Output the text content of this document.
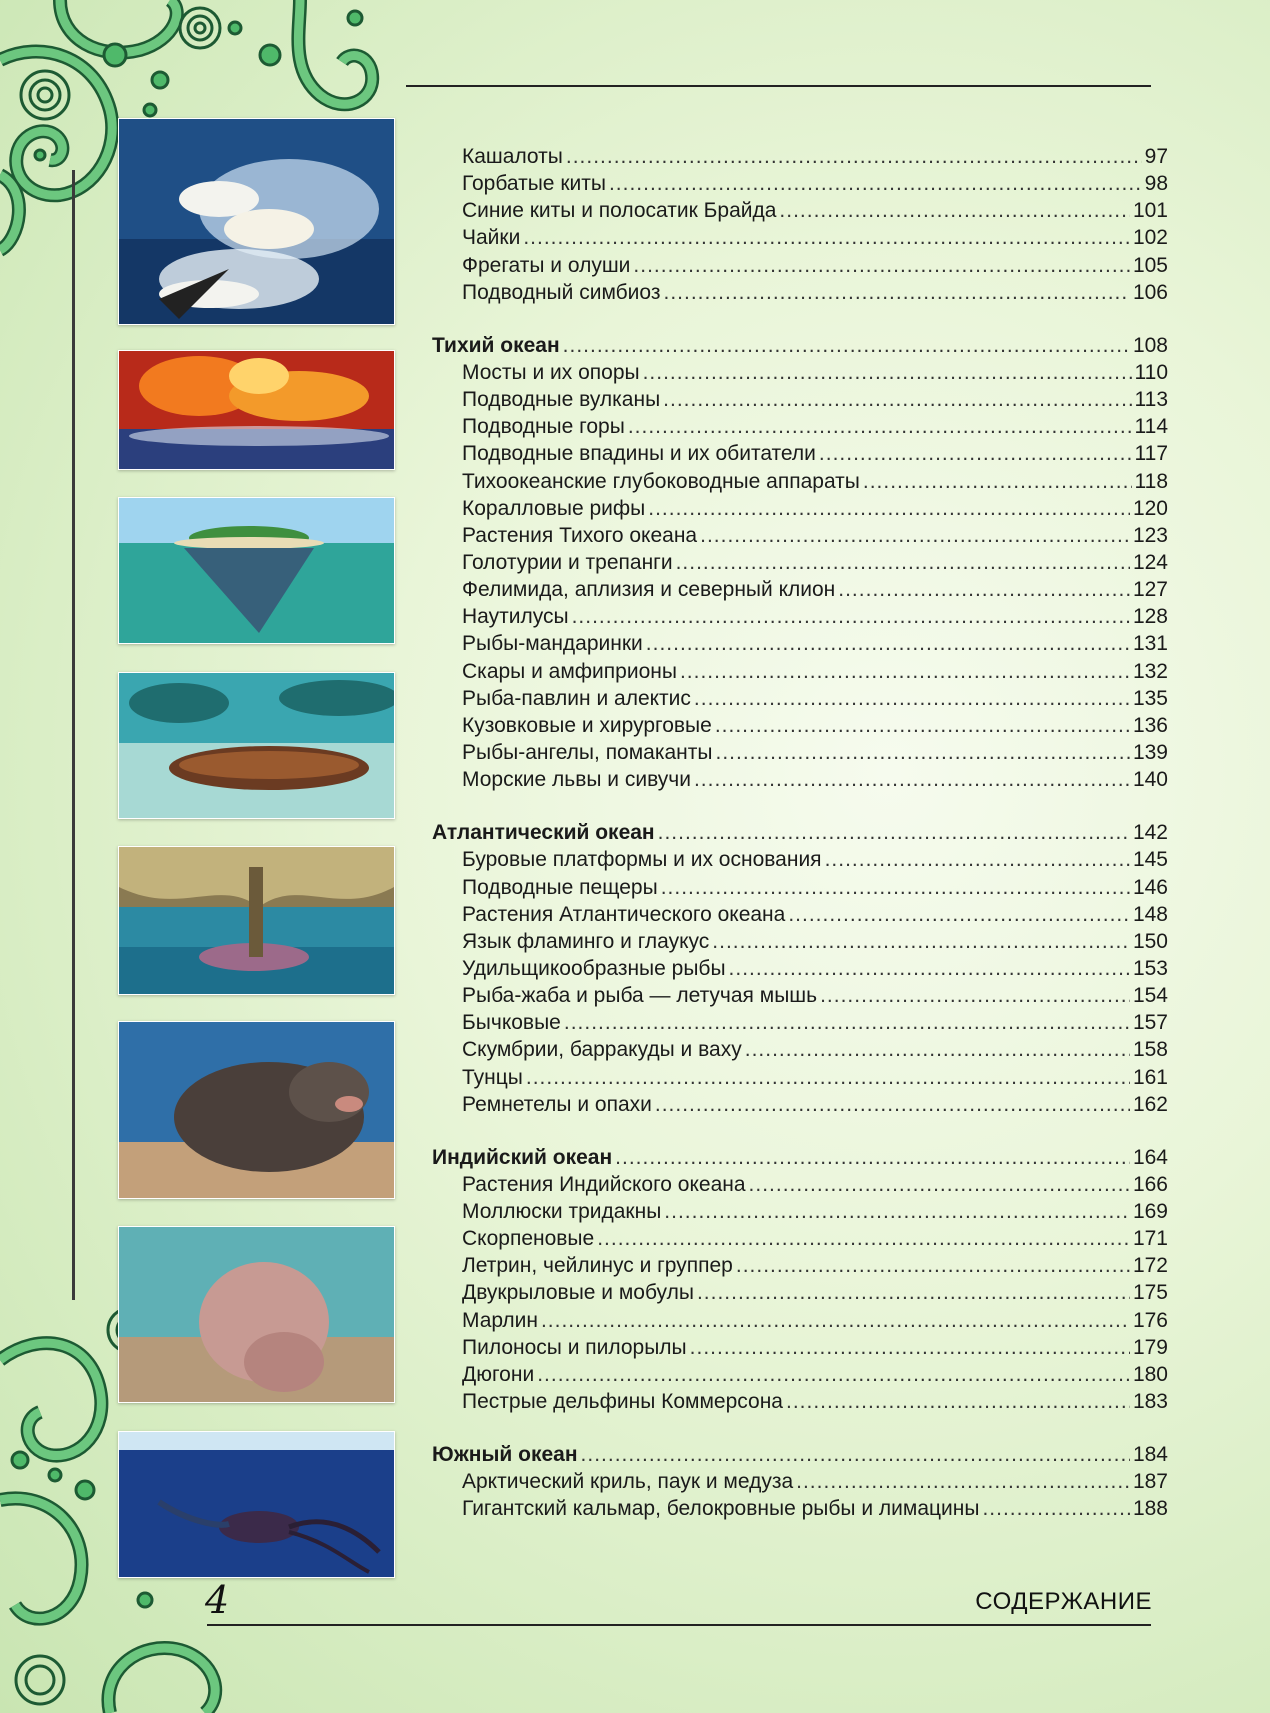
Кашалоты .....	97
Горбатые киты .....	98
Синие киты и полосатик Брайда .....	101
Чайки .....	102
Фрегаты и олуши .....	105
Подводный симбиоз .....	106
Тихий океан .....	108
Мосты и их опоры .....	110
Подводные вулканы .....	113
Подводные горы .....	114
Подводные впадины и их обитатели .....	117
Тихоокеанские глубоководные аппараты .....	118
Коралловые рифы .....	120
Растения Тихого океана .....	123
Голотурии и трепанги .....	124
Фелимида, аплизия и северный клион .....	127
Наутилусы .....	128
Рыбы-мандаринки .....	131
Скары и амфиприоны .....	132
Рыба-павлин и алектис .....	135
Кузовковые и хирурговые .....	136
Рыбы-ангелы, помаканты .....	139
Морские львы и сивучи .....	140
Атлантический океан .....	142
Буровые платформы и их основания .....	145
Подводные пещеры .....	146
Растения Атлантического океана .....	148
Язык фламинго и глаукус .....	150
Удильщикообразные рыбы .....	153
Рыба-жаба и рыба — летучая мышь .....	154
Бычковые .....	157
Скумбрии, барракуды и ваху .....	158
Тунцы .....	161
Ремнетелы и опахи .....	162
Индийский океан .....	164
Растения Индийского океана .....	166
Моллюски тридакны .....	169
Скорпеновые .....	171
Летрин, чейлинус и группер .....	172
Двукрыловые и мобулы .....	175
Марлин .....	176
Пилоносы и пилорылы .....	179
Дюгони .....	180
Пестрые дельфины Коммерсона .....	183
Южный океан .....	184
Арктический криль, паук и медуза .....	187
Гигантский кальмар, белокровные рыбы и лимацины .....	188
4	СОДЕРЖАНИЕ
